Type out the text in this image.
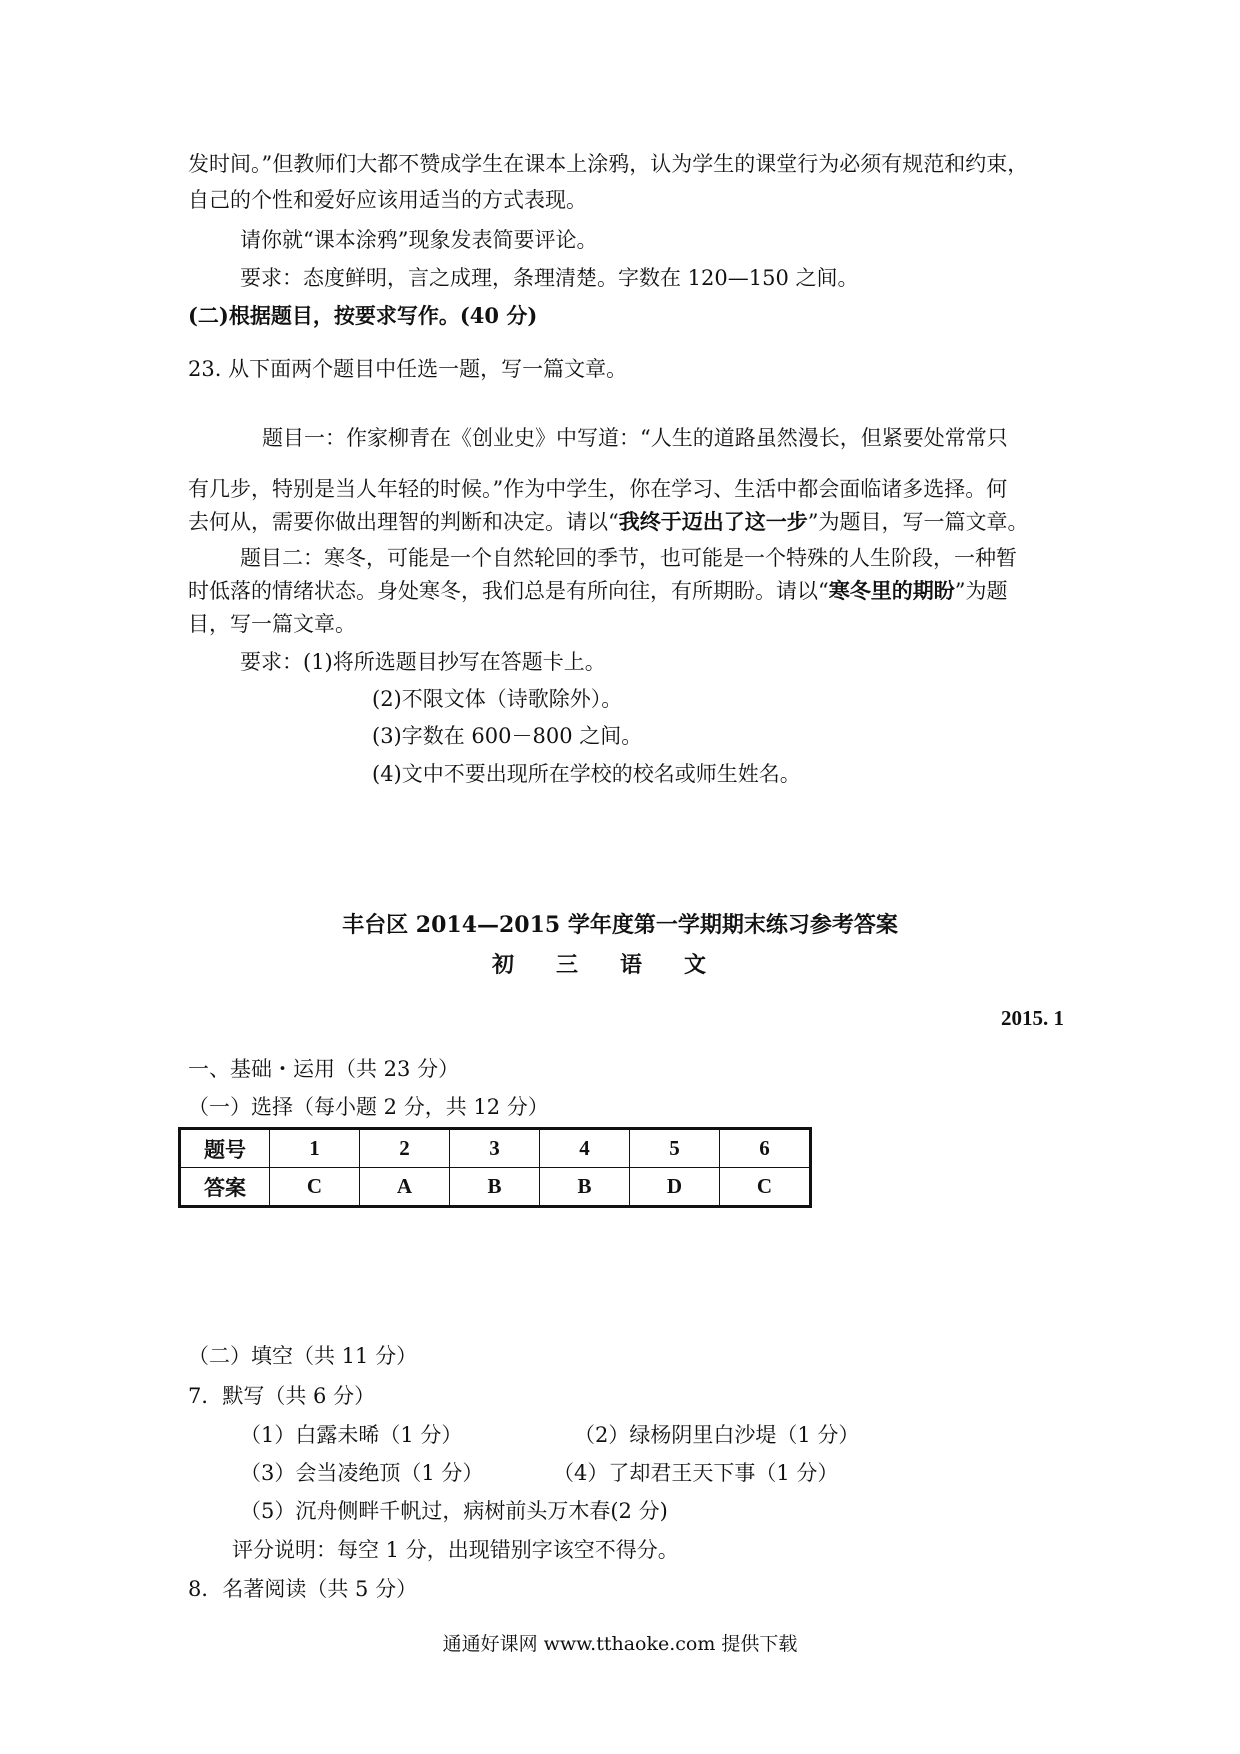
发时间。”但教师们大都不赞成学生在课本上涂鸦，认为学生的课堂行为必须有规范和约束，
自己的个性和爱好应该用适当的方式表现。
请你就“课本涂鸦”现象发表简要评论。
要求：态度鲜明，言之成理，条理清楚。字数在 120—150 之间。
(二)根据题目，按要求写作。(40 分)
23. 从下面两个题目中任选一题，写一篇文章。
题目一：作家柳青在《创业史》中写道：“人生的道路虽然漫长，但紧要处常常只
有几步，特别是当人年轻的时候。”作为中学生，你在学习、生活中都会面临诸多选择。何
去何从，需要你做出理智的判断和决定。请以“我终于迈出了这一步”为题目，写一篇文章。
题目二：寒冬，可能是一个自然轮回的季节，也可能是一个特殊的人生阶段，一种暂
时低落的情绪状态。身处寒冬，我们总是有所向往，有所期盼。请以“寒冬里的期盼”为题
目，写一篇文章。
要求：(1)将所选题目抄写在答题卡上。
(2)不限文体（诗歌除外）。
(3)字数在 600－800 之间。
(4)文中不要出现所在学校的校名或师生姓名。
丰台区 2014—2015 学年度第一学期期末练习参考答案
初三语文
2015. 1
一、基础・运用（共 23 分）
（一）选择（每小题 2 分，共 12 分）
题号	1	2	3	4	5	6
答案	C	A	B	B	D	C
（二）填空（共 11 分）
7．默写（共 6 分）
（1）白露未晞（1 分）	（2）绿杨阴里白沙堤（1 分）
（3）会当凌绝顶（1 分）	（4）了却君王天下事（1 分）
（5）沉舟侧畔千帆过，病树前头万木春(2 分)
评分说明：每空 1 分，出现错别字该空不得分。
8．名著阅读（共 5 分）
通通好课网 www.tthaoke.com 提供下载
